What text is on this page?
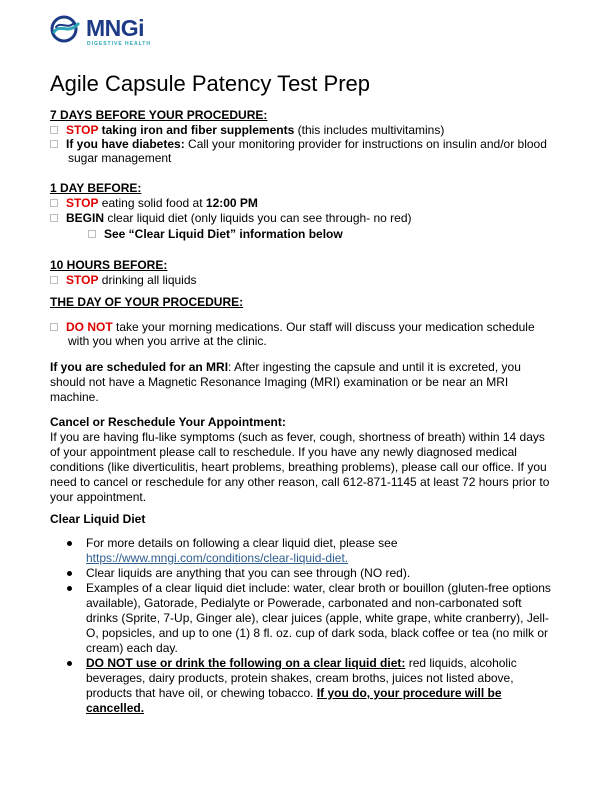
MNGi
DIGESTIVE HEALTH
Agile Capsule Patency Test Prep
7 DAYS BEFORE YOUR PROCEDURE:
STOP taking iron and fiber supplements (this includes multivitamins)
If you have diabetes: Call your monitoring provider for instructions on insulin and/or blood
sugar management
1 DAY BEFORE:
STOP eating solid food at 12:00 PM
BEGIN clear liquid diet (only liquids you can see through- no red)
See “Clear Liquid Diet” information below
10 HOURS BEFORE:
STOP drinking all liquids
THE DAY OF YOUR PROCEDURE:
DO NOT take your morning medications. Our staff will discuss your medication schedule
with you when you arrive at the clinic.
If you are scheduled for an MRI: After ingesting the capsule and until it is excreted, you
should not have a Magnetic Resonance Imaging (MRI) examination or be near an MRI
machine.
Cancel or Reschedule Your Appointment:
If you are having flu-like symptoms (such as fever, cough, shortness of breath) within 14 days
of your appointment please call to reschedule. If you have any newly diagnosed medical
conditions (like diverticulitis, heart problems, breathing problems), please call our office. If you
need to cancel or reschedule for any other reason, call 612-871-1145 at least 72 hours prior to
your appointment.
Clear Liquid Diet
For more details on following a clear liquid diet, please see
https://www.mngi.com/conditions/clear-liquid-diet.
Clear liquids are anything that you can see through (NO red).
Examples of a clear liquid diet include: water, clear broth or bouillon (gluten-free options
available), Gatorade, Pedialyte or Powerade, carbonated and non-carbonated soft
drinks (Sprite, 7-Up, Ginger ale), clear juices (apple, white grape, white cranberry), Jell-
O, popsicles, and up to one (1) 8 fl. oz. cup of dark soda, black coffee or tea (no milk or
cream) each day.
DO NOT use or drink the following on a clear liquid diet: red liquids, alcoholic
beverages, dairy products, protein shakes, cream broths, juices not listed above,
products that have oil, or chewing tobacco. If you do, your procedure will be
cancelled.
